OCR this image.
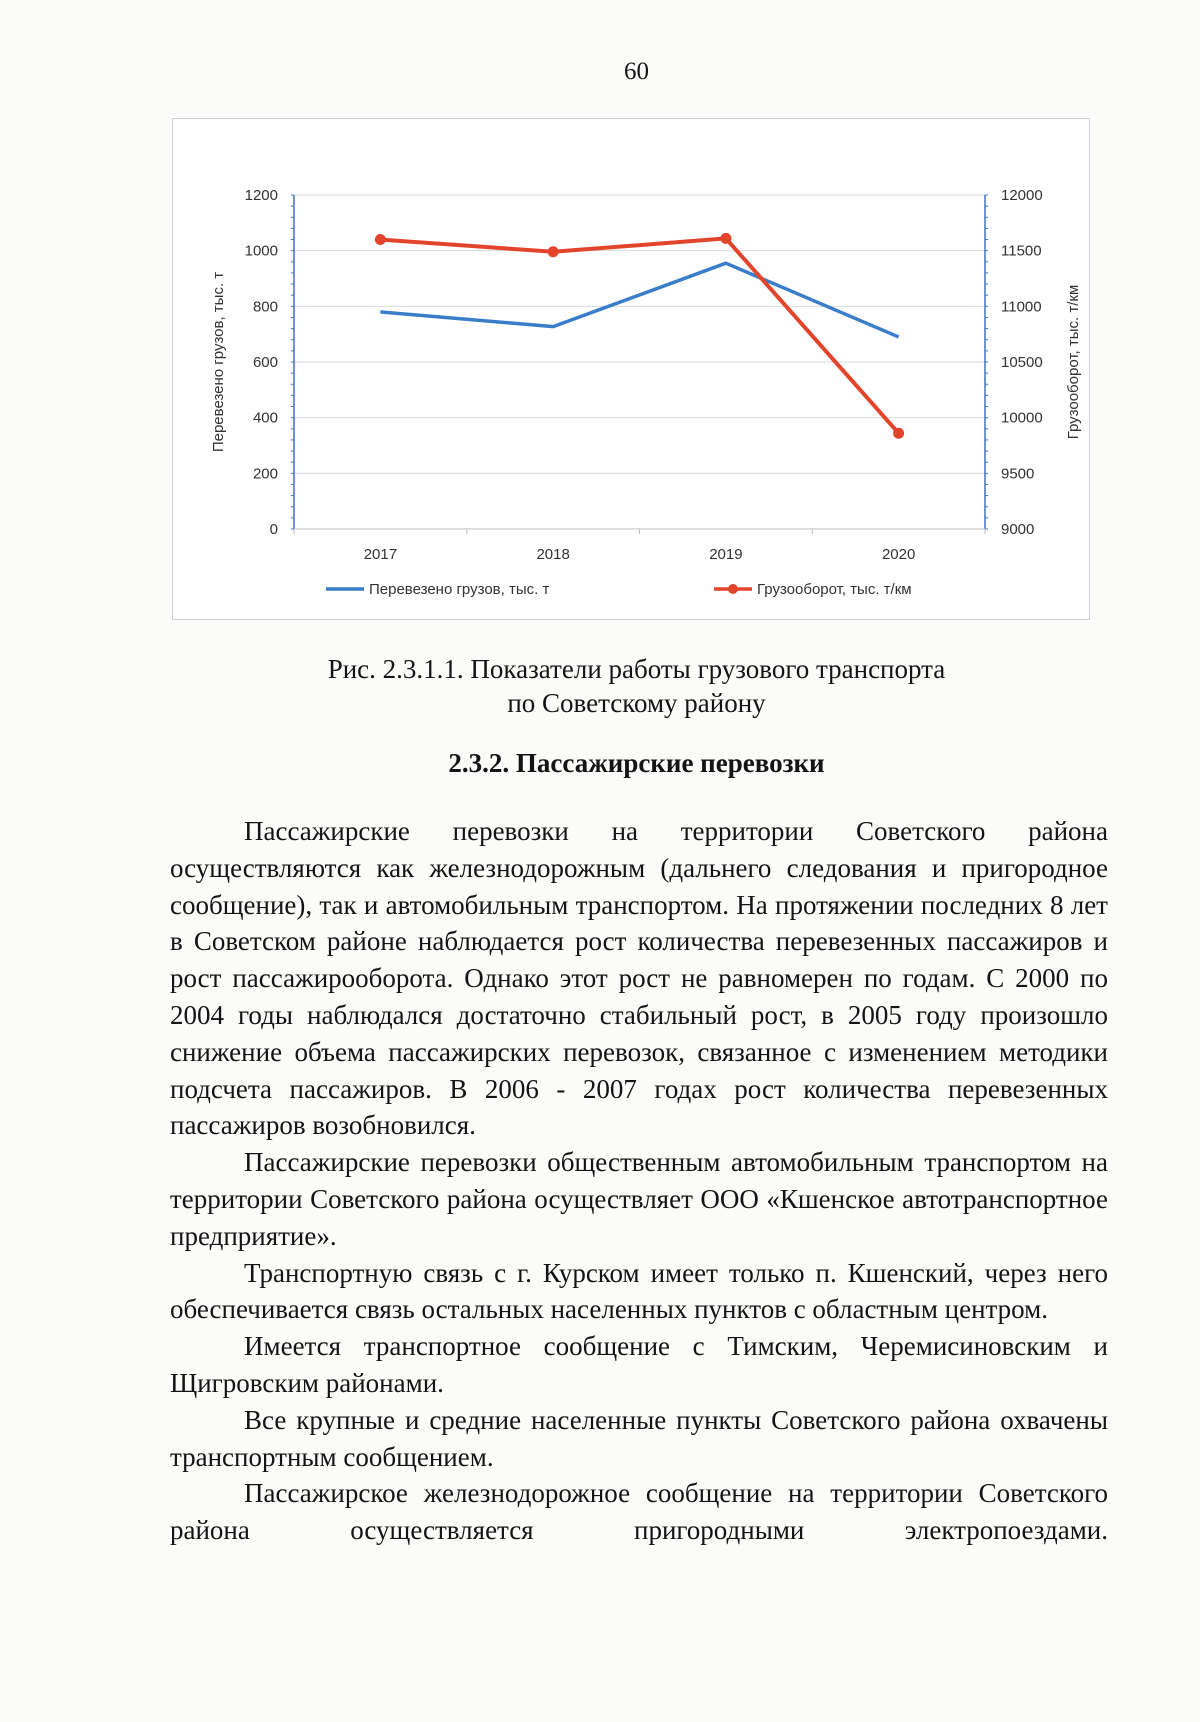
60
0
200
400
600
800
1000
1200
9000
9500
10000
10500
11000
11500
12000
2017	2018	2019	2020
Перевезено грузов, тыс. т	Грузооборот, тыс. т/км
Перевезено грузов, тыс. т	Грузооборот, тыс. т/км
Рис. 2.3.1.1. Показатели работы грузового транспорта
по Советскому району
2.3.2. Пассажирские перевозки

Пассажирские перевозки на территории Советского района осуществляются как железнодорожным (дальнего следования и пригородное сообщение), так и автомобильным транспортом. На протяжении последних 8 лет в Советском районе наблюдается рост количества перевезенных пассажиров и рост пассажирооборота. Однако этот рост не равномерен по годам. С 2000 по 2004 годы наблюдался достаточно стабильный рост, в 2005 году произошло снижение объема пассажирских перевозок, связанное с изменением методики подсчета пассажиров. В 2006 - 2007 годах рост количества перевезенных пассажиров возобновился.

Пассажирские перевозки общественным автомобильным транспортом на территории Советского района осуществляет ООО «Кшенское автотранспортное предприятие».

Транспортную связь с г. Курском имеет только п. Кшенский, через него обеспечивается связь остальных населенных пунктов с областным центром.

Имеется транспортное сообщение с Тимским, Черемисиновским и Щигровским районами.

Все крупные и средние населенные пункты Советского района охвачены транспортным сообщением.

Пассажирское железнодорожное сообщение на территории Советского района осуществляется пригородными электропоездами.
